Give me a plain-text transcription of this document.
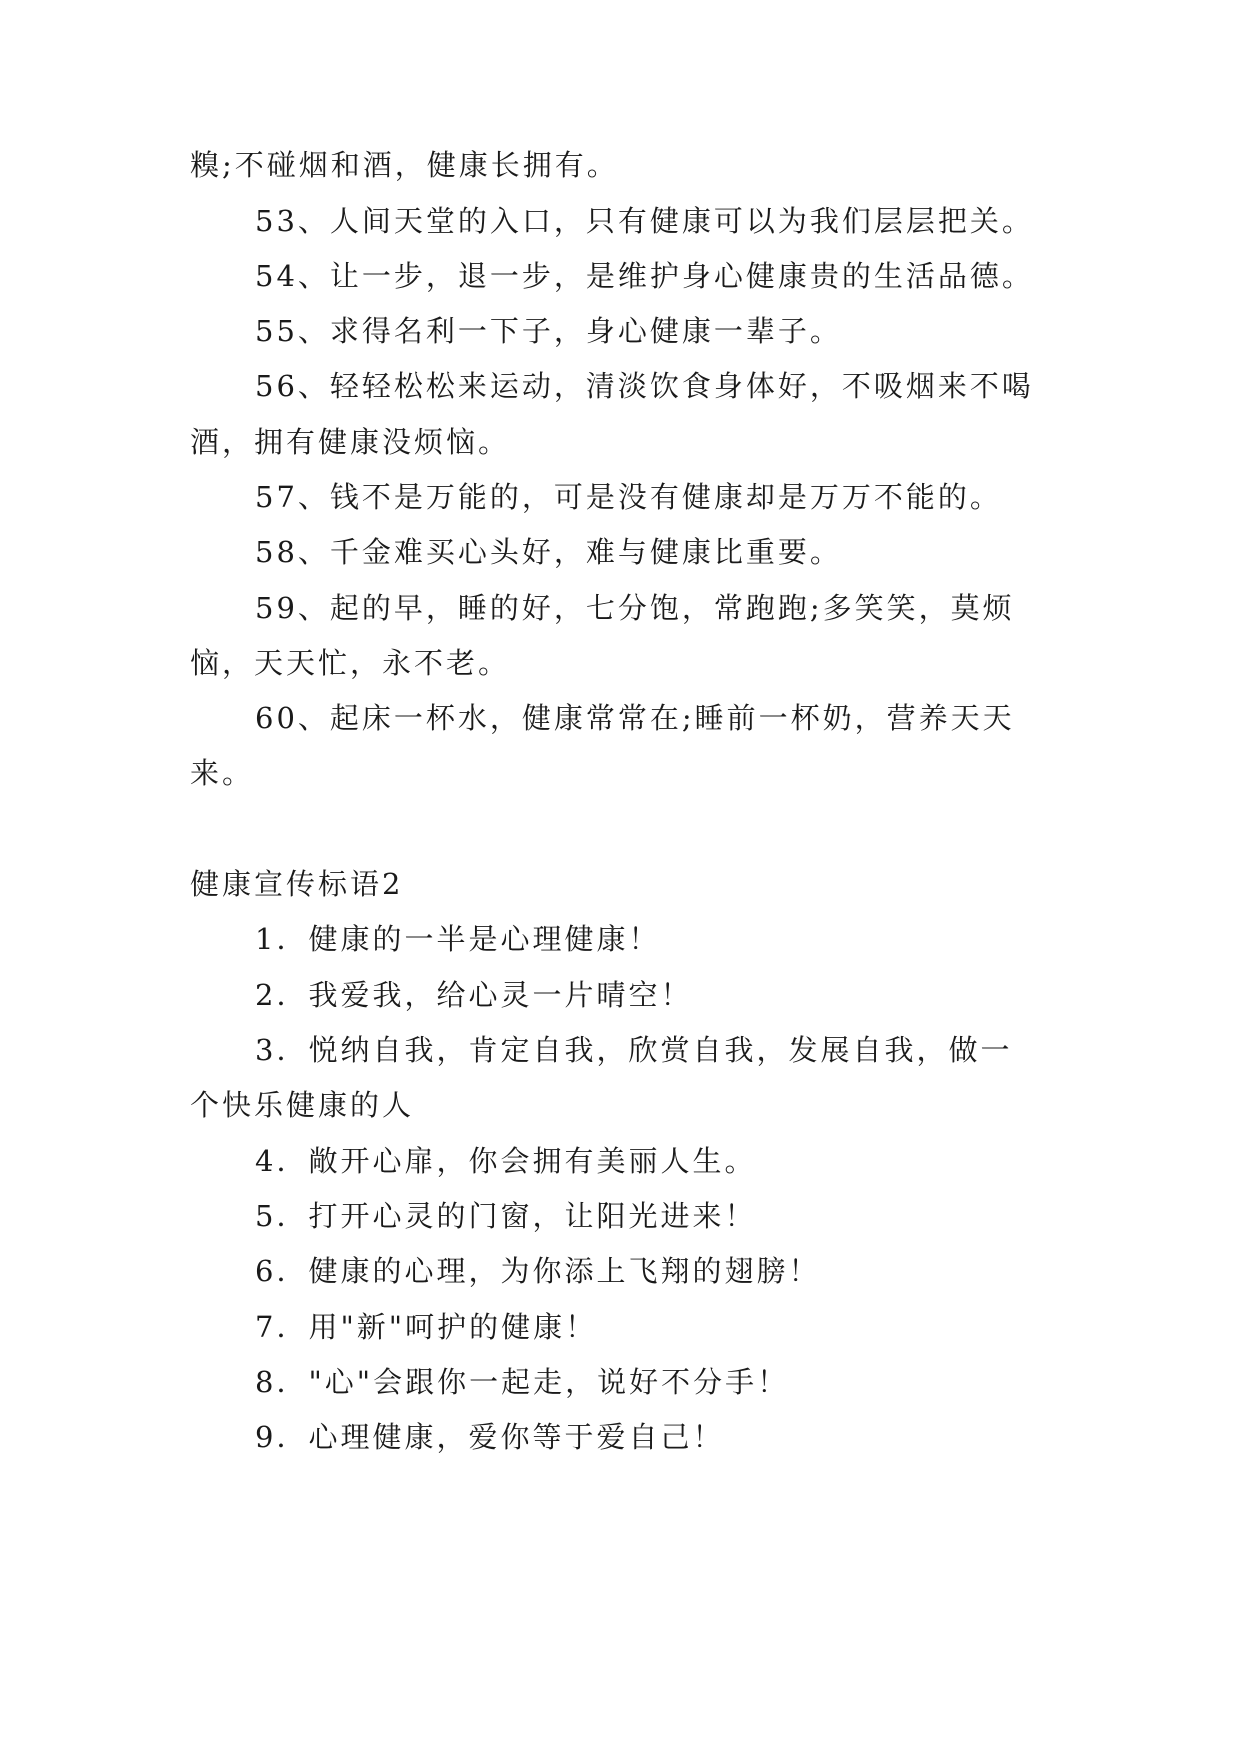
糗;不碰烟和酒，健康长拥有。
53、人间天堂的入口，只有健康可以为我们层层把关。
54、让一步，退一步，是维护身心健康贵的生活品德。
55、求得名利一下子，身心健康一辈子。
56、轻轻松松来运动，清淡饮食身体好，不吸烟来不喝
酒，拥有健康没烦恼。
57、钱不是万能的，可是没有健康却是万万不能的。
58、千金难买心头好，难与健康比重要。
59、起的早，睡的好，七分饱，常跑跑;多笑笑，莫烦
恼，天天忙，永不老。
60、起床一杯水，健康常常在;睡前一杯奶，营养天天
来。
健康宣传标语2
1．健康的一半是心理健康！
2．我爱我，给心灵一片晴空！
3．悦纳自我，肯定自我，欣赏自我，发展自我，做一
个快乐健康的人
4．敞开心扉，你会拥有美丽人生。
5．打开心灵的门窗，让阳光进来！
6．健康的心理，为你添上飞翔的翅膀！
7．用"新"呵护的健康！
8．"心"会跟你一起走，说好不分手！
9．心理健康，爱你等于爱自己！
